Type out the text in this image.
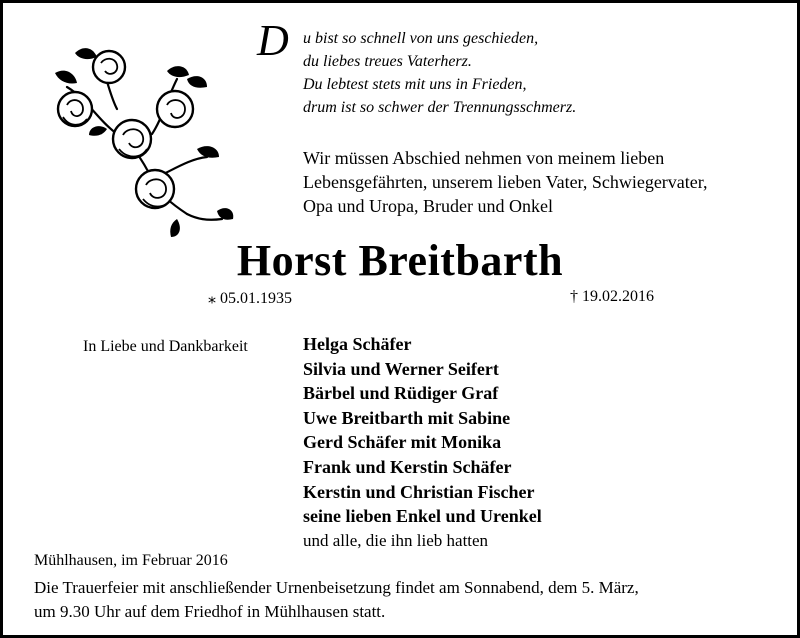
D u bist so schnell von uns geschieden,
du liebes treues Vaterherz.
Du lebtest stets mit uns in Frieden,
drum ist so schwer der Trennungsschmerz.
Wir müssen Abschied nehmen von meinem lieben
Lebensgefährten, unserem lieben Vater, Schwiegervater,
Opa und Uropa, Bruder und Onkel
Horst Breitbarth
⁎ 05.01.1935	† 19.02.2016
In Liebe und Dankbarkeit	Helga Schäfer
Silvia und Werner Seifert
Bärbel und Rüdiger Graf
Uwe Breitbarth mit Sabine
Gerd Schäfer mit Monika
Frank und Kerstin Schäfer
Kerstin und Christian Fischer
seine lieben Enkel und Urenkel
und alle, die ihn lieb hatten
Mühlhausen, im Februar 2016
Die Trauerfeier mit anschließender Urnenbeisetzung findet am Sonnabend, dem 5. März,
um 9.30 Uhr auf dem Friedhof in Mühlhausen statt.
